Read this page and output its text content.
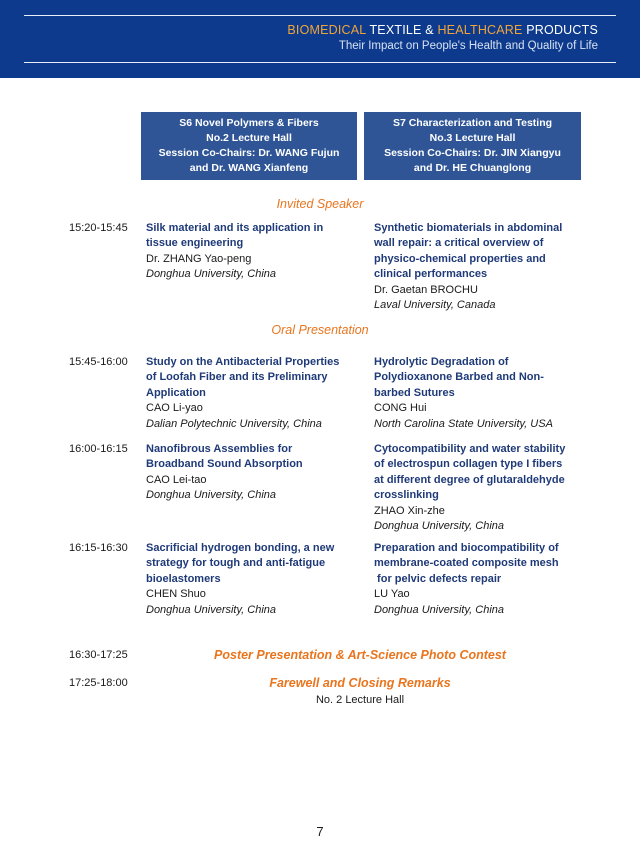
BIOMEDICAL TEXTILE & HEALTHCARE PRODUCTS
Their Impact on People's Health and Quality of Life
S6 Novel Polymers & Fibers
No.2 Lecture Hall
Session Co-Chairs: Dr. WANG Fujun
and Dr. WANG Xianfeng
S7 Characterization and Testing
No.3 Lecture Hall
Session Co-Chairs: Dr. JIN Xiangyu
and Dr. HE Chuanglong
Invited Speaker
15:20-15:45 Silk material and its application in
tissue engineering
Dr. ZHANG Yao-peng
Donghua University, China
Synthetic biomaterials in abdominal
wall repair: a critical overview of
physico-chemical properties and
clinical performances
Dr. Gaetan BROCHU
Laval University, Canada
Oral Presentation
15:45-16:00 Study on the Antibacterial Properties
of Loofah Fiber and its Preliminary
Application
CAO Li-yao
Dalian Polytechnic University, China
Hydrolytic Degradation of
Polydioxanone Barbed and Non-
barbed Sutures
CONG Hui
North Carolina State University, USA
16:00-16:15 Nanofibrous Assemblies for
Broadband Sound Absorption
CAO Lei-tao
Donghua University, China
Cytocompatibility and water stability
of electrospun collagen type I fibers
at different degree of glutaraldehyde
crosslinking
ZHAO Xin-zhe
Donghua University, China
16:15-16:30 Sacrificial hydrogen bonding, a new
strategy for tough and anti-fatigue
bioelastomers
CHEN Shuo
Donghua University, China
Preparation and biocompatibility of
membrane-coated composite mesh
for pelvic defects repair
LU Yao
Donghua University, China
16:30-17:25	Poster Presentation & Art-Science Photo Contest
17:25-18:00	Farewell and Closing Remarks
No. 2 Lecture Hall
7
